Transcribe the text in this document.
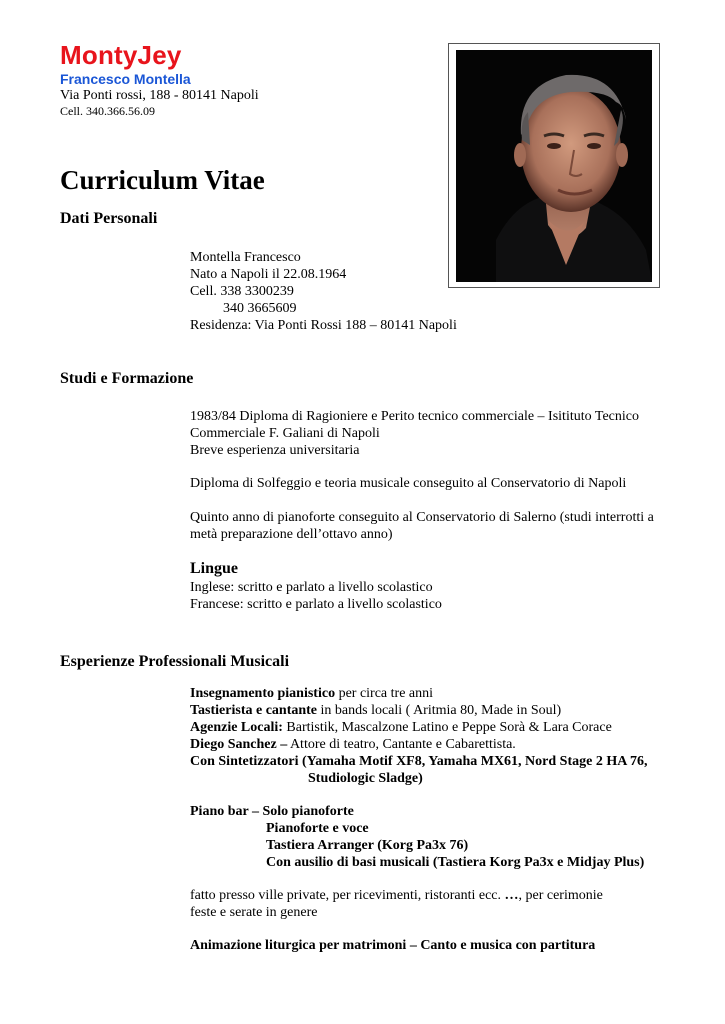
MontyJey
Francesco Montella
Via Ponti rossi, 188 - 80141 Napoli
Cell. 340.366.56.09
Curriculum Vitae
Dati Personali
Montella Francesco
Nato a Napoli il 22.08.1964
Cell. 338 3300239
340 3665609
Residenza: Via Ponti Rossi 188 – 80141 Napoli
Studi e Formazione
1983/84 Diploma di Ragioniere e Perito tecnico commerciale – Isitituto Tecnico
Commerciale F. Galiani di Napoli
Breve esperienza universitaria
Diploma di Solfeggio e teoria musicale conseguito al Conservatorio di Napoli
Quinto anno di pianoforte conseguito al Conservatorio di Salerno (studi interrotti a
metà preparazione dell’ottavo anno)
Lingue
Inglese: scritto e parlato a livello scolastico
Francese: scritto e parlato a livello scolastico
Esperienze Professionali Musicali
Insegnamento pianistico per circa tre anni
Tastierista e cantante in bands locali ( Aritmia 80, Made in Soul)
Agenzie Locali: Bartistik, Mascalzone Latino e Peppe Sorà & Lara Corace
Diego Sanchez – Attore di teatro, Cantante e Cabarettista.
Con Sintetizzatori (Yamaha Motif XF8, Yamaha MX61, Nord Stage 2 HA 76,
Studiologic Sladge)
Piano bar – Solo pianoforte
Pianoforte e voce
Tastiera Arranger (Korg Pa3x 76)
Con ausilio di basi musicali (Tastiera Korg Pa3x e Midjay Plus)
fatto presso ville private, per ricevimenti, ristoranti ecc. …, per cerimonie
feste e serate in genere
Animazione liturgica per matrimoni – Canto e musica con partitura
